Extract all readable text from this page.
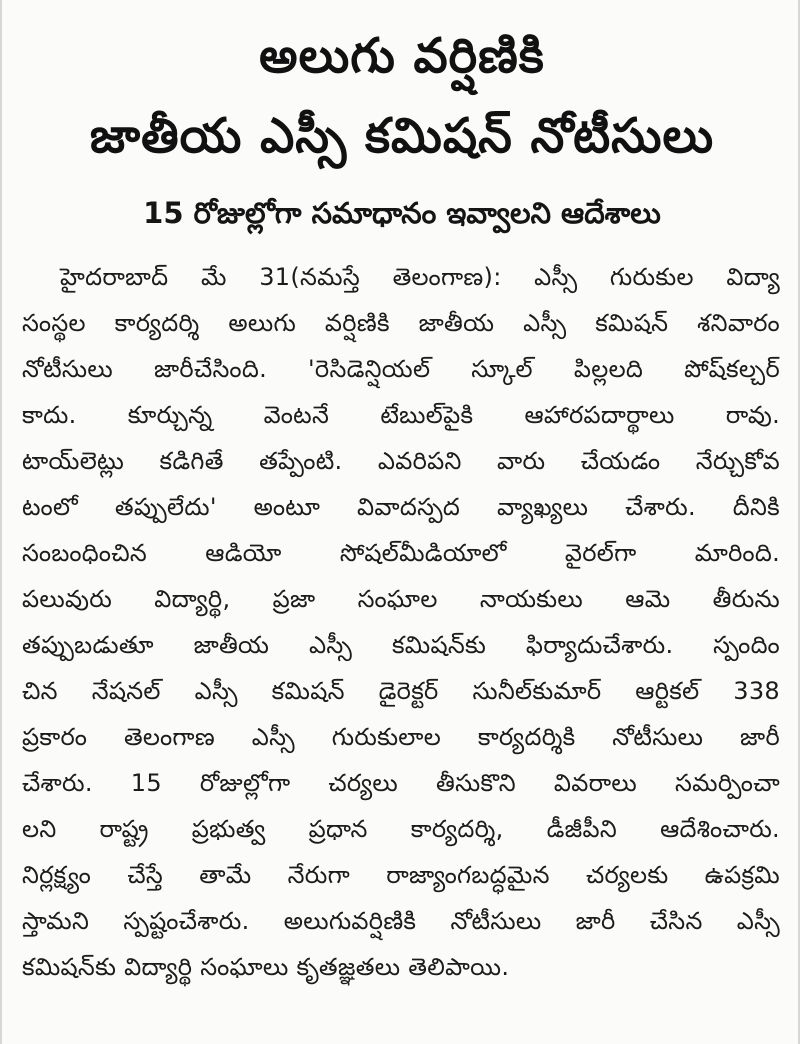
అలుగు వర్షిణికి
జాతీయ ఎస్సీ కమిషన్ నోటీసులు
15 రోజుల్లోగా సమాధానం ఇవ్వాలని ఆదేశాలు
హైదరాబాద్ మే 31(నమస్తే తెలంగాణ): ఎస్సీ గురుకుల విద్యా
సంస్థల కార్యదర్శి అలుగు వర్షిణికి జాతీయ ఎస్సీ కమిషన్ శనివారం
నోటీసులు జారీచేసింది. 'రెసిడెన్షియల్ స్కూల్ పిల్లలది పోష్‌కల్చర్
కాదు. కూర్చున్న వెంటనే టేబుల్‌పైకి ఆహారపదార్థాలు రావు.
టాయ్‌లెట్లు కడిగితే తప్పేంటి. ఎవరిపని వారు చేయడం నేర్చుకోవ
టంలో తప్పులేదు' అంటూ వివాదస్పద వ్యాఖ్యలు చేశారు. దీనికి
సంబంధించిన ఆడియో సోషల్‌మీడియాలో వైరల్‌గా మారింది.
పలువురు విద్యార్థి, ప్రజా సంఘాల నాయకులు ఆమె తీరును
తప్పుబడుతూ జాతీయ ఎస్సీ కమిషన్‌కు ఫిర్యాదుచేశారు. స్పందిం
చిన నేషనల్ ఎస్సీ కమిషన్ డైరెక్టర్ సునీల్‌కుమార్ ఆర్టికల్ 338
ప్రకారం తెలంగాణ ఎస్సీ గురుకులాల కార్యదర్శికి నోటీసులు జారీ
చేశారు. 15 రోజుల్లోగా చర్యలు తీసుకొని వివరాలు సమర్పించా
లని రాష్ట్ర ప్రభుత్వ ప్రధాన కార్యదర్శి, డీజీపీని ఆదేశించారు.
నిర్లక్ష్యం చేస్తే తామే నేరుగా రాజ్యాంగబద్ధమైన చర్యలకు ఉపక్రమి
స్తామని స్పష్టంచేశారు. అలుగువర్షిణికి నోటీసులు జారీ చేసిన ఎస్సీ
కమిషన్‌కు విద్యార్థి సంఘాలు కృతజ్ఞతలు తెలిపాయి.
